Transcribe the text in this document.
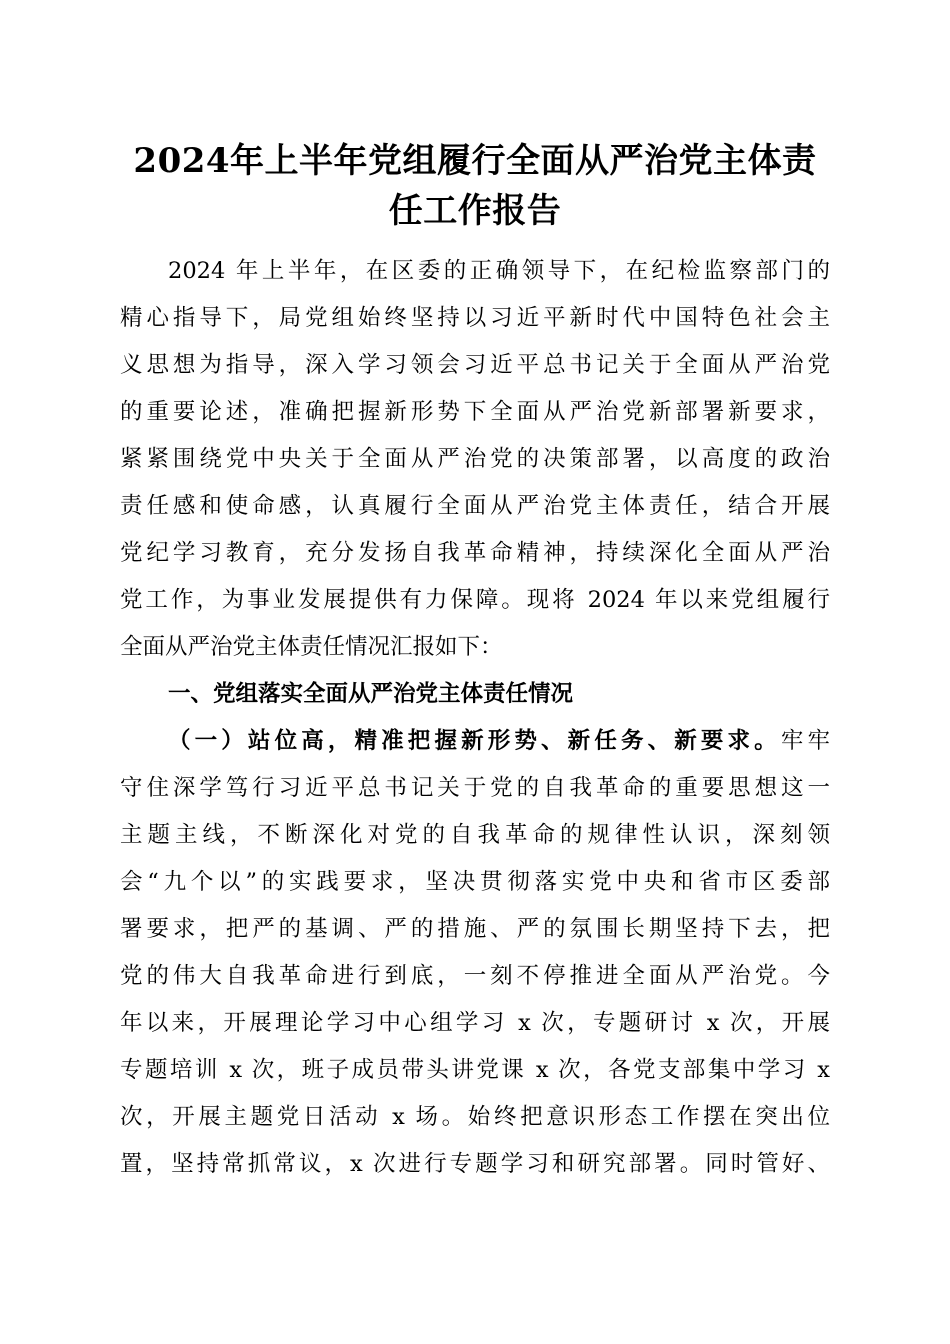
2024年上半年党组履行全面从严治党主体责
任工作报告
2024 年上半年，在区委的正确领导下，在纪检监察部门的
精心指导下，局党组始终坚持以习近平新时代中国特色社会主
义思想为指导，深入学习领会习近平总书记关于全面从严治党
的重要论述，准确把握新形势下全面从严治党新部署新要求，
紧紧围绕党中央关于全面从严治党的决策部署，以高度的政治
责任感和使命感，认真履行全面从严治党主体责任，结合开展
党纪学习教育，充分发扬自我革命精神，持续深化全面从严治
党工作，为事业发展提供有力保障。现将 2024 年以来党组履行
全面从严治党主体责任情况汇报如下：
一、党组落实全面从严治党主体责任情况
（一）站位高，精准把握新形势、新任务、新要求。牢牢
守住深学笃行习近平总书记关于党的自我革命的重要思想这一
主题主线，不断深化对党的自我革命的规律性认识，深刻领
会“九个以”的实践要求，坚决贯彻落实党中央和省市区委部
署要求，把严的基调、严的措施、严的氛围长期坚持下去，把
党的伟大自我革命进行到底，一刻不停推进全面从严治党。今
年以来，开展理论学习中心组学习 x 次，专题研讨 x 次，开展
专题培训 x 次，班子成员带头讲党课 x 次，各党支部集中学习 x
次，开展主题党日活动 x 场。始终把意识形态工作摆在突出位
置，坚持常抓常议，x 次进行专题学习和研究部署。同时管好、
